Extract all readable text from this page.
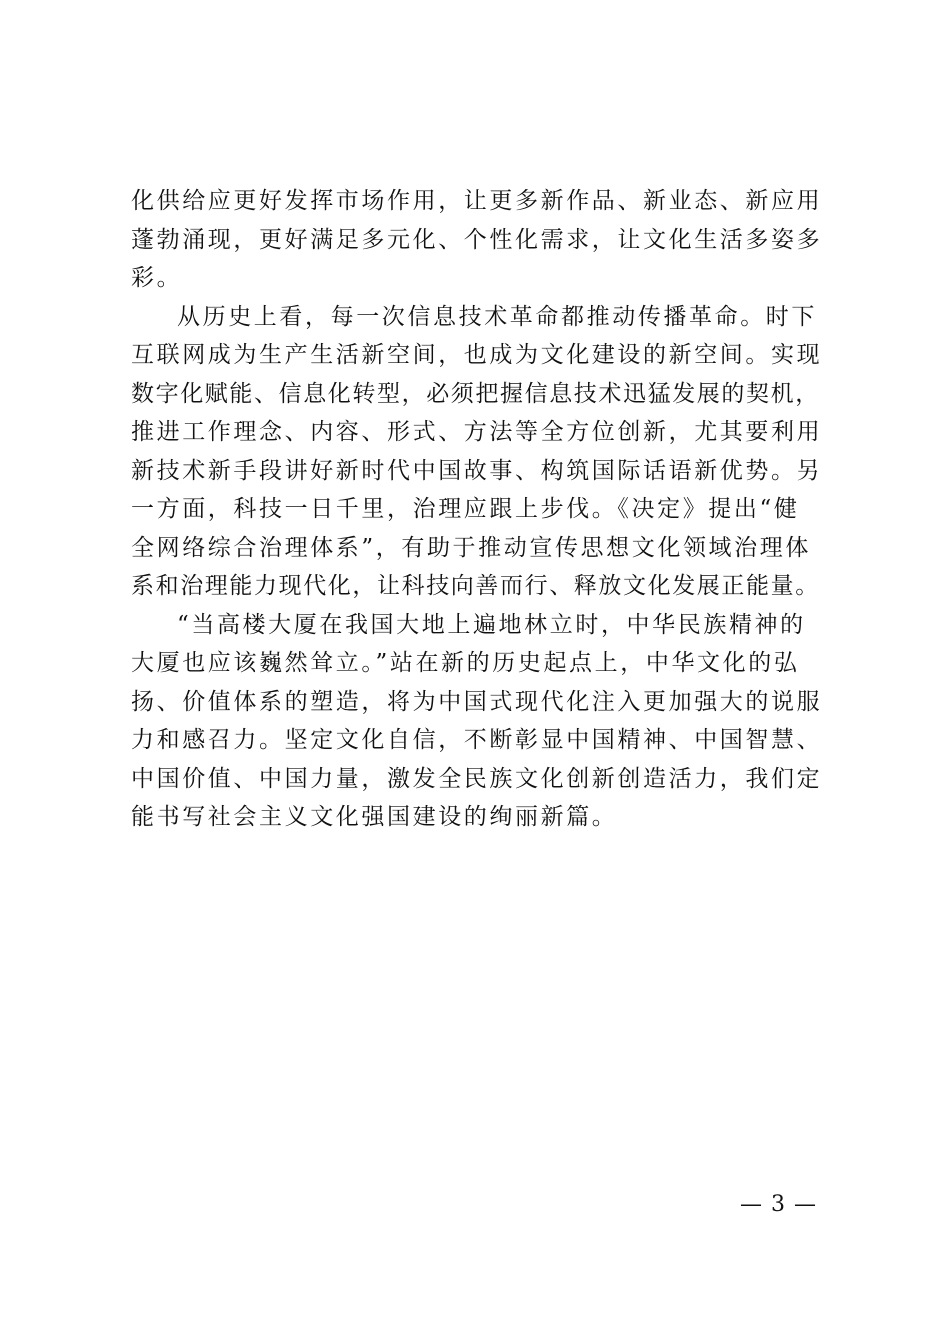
化供给应更好发挥市场作用，让更多新作品、新业态、新应用
蓬勃涌现，更好满足多元化、个性化需求，让文化生活多姿多
彩。
从历史上看，每一次信息技术革命都推动传播革命。时下
互联网成为生产生活新空间，也成为文化建设的新空间。实现
数字化赋能、信息化转型，必须把握信息技术迅猛发展的契机，
推进工作理念、内容、形式、方法等全方位创新，尤其要利用
新技术新手段讲好新时代中国故事、构筑国际话语新优势。另
一方面，科技一日千里，治理应跟上步伐。《决定》提出“健
全网络综合治理体系”，有助于推动宣传思想文化领域治理体
系和治理能力现代化，让科技向善而行、释放文化发展正能量。
“当高楼大厦在我国大地上遍地林立时，中华民族精神的
大厦也应该巍然耸立。”站在新的历史起点上，中华文化的弘
扬、价值体系的塑造，将为中国式现代化注入更加强大的说服
力和感召力。坚定文化自信，不断彰显中国精神、中国智慧、
中国价值、中国力量，激发全民族文化创新创造活力，我们定
能书写社会主义文化强国建设的绚丽新篇。
— 3 —
